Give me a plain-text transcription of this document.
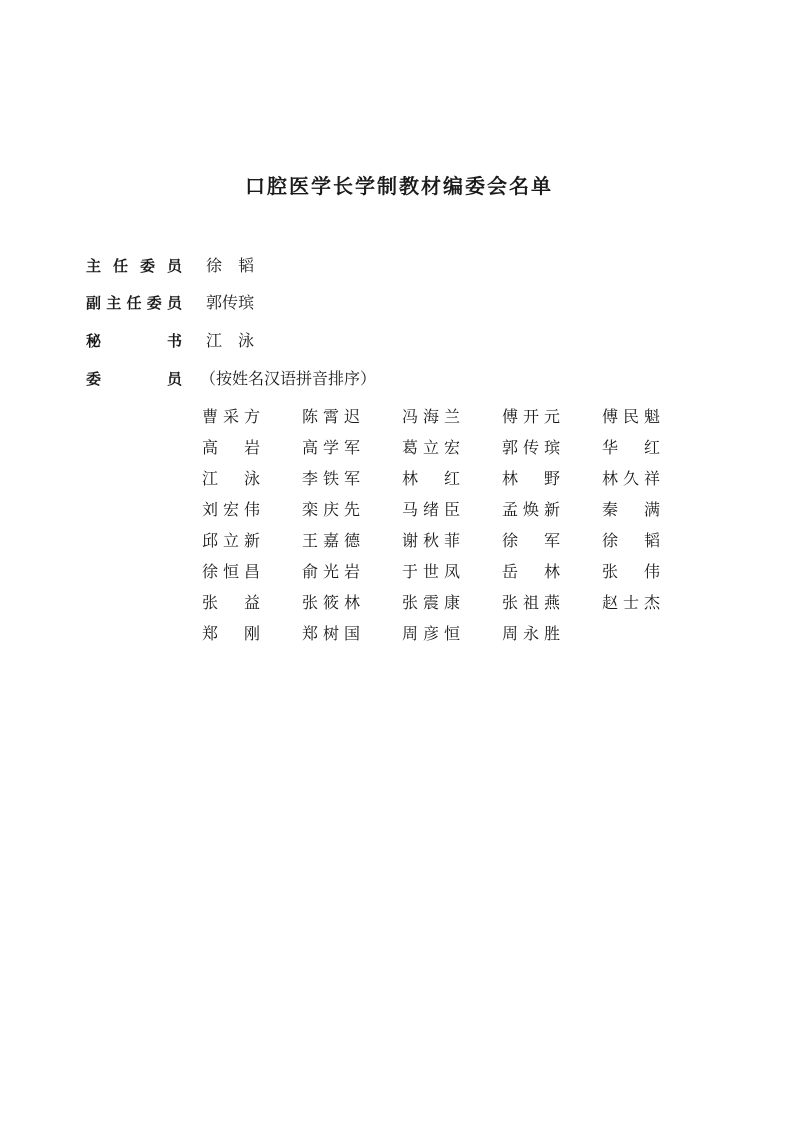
口腔医学长学制教材编委会名单
主任委员 徐　韬
副主任委员 郭传瑸
秘　　书 江　泳
委　　员 （按姓名汉语拼音排序）
曹采方	陈霄迟	冯海兰	傅开元	傅民魁
高　岩	高学军	葛立宏	郭传瑸	华　红
江　泳	李铁军	林　红	林　野	林久祥
刘宏伟	栾庆先	马绪臣	孟焕新	秦　满
邱立新	王嘉德	谢秋菲	徐　军	徐　韬
徐恒昌	俞光岩	于世凤	岳　林	张　伟
张　益	张筱林	张震康	张祖燕	赵士杰
郑　刚	郑树国	周彦恒	周永胜
